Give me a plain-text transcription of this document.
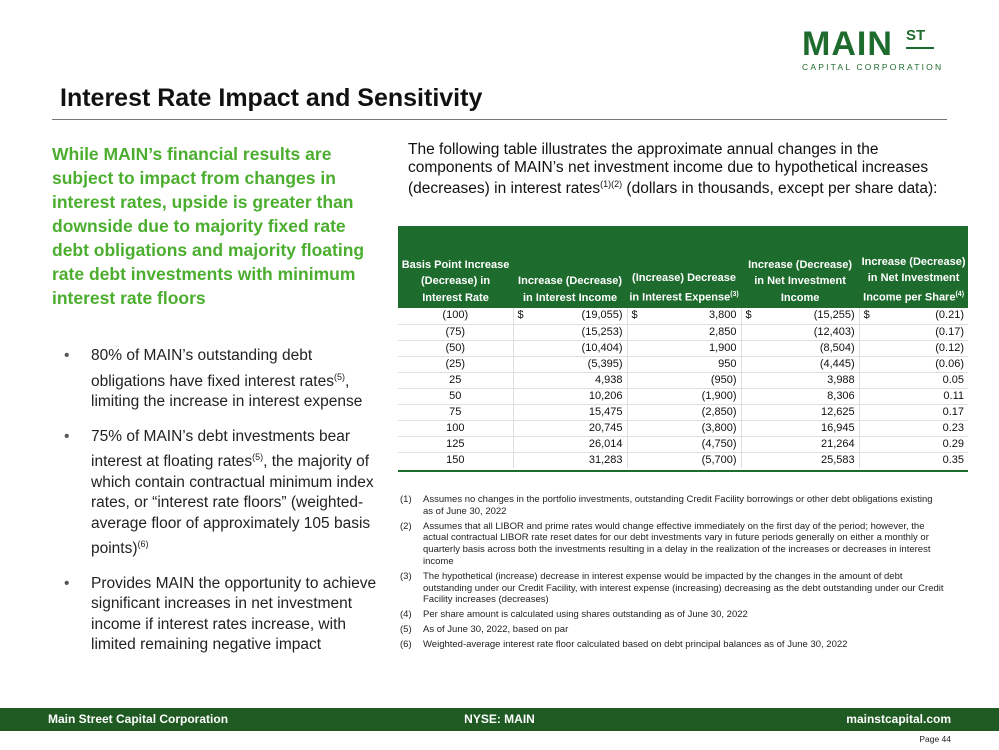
MAIN ST
CAPITAL CORPORATION
Interest Rate Impact and Sensitivity
While MAIN’s financial results are subject to impact from changes in interest rates, upside is greater than downside due to majority fixed rate debt obligations and majority floating rate debt investments with minimum interest rate floors
• 80% of MAIN’s outstanding debt obligations have fixed interest rates$^{(5)}$, limiting the increase in interest expense
• 75% of MAIN’s debt investments bear interest at floating rates$^{(5)}$, the majority of which contain contractual minimum index rates, or “interest rate floors” (weighted-average floor of approximately 105 basis points)$^{(6)}$
• Provides MAIN the opportunity to achieve significant increases in net investment income if interest rates increase, with limited remaining negative impact
The following table illustrates the approximate annual changes in the components of MAIN’s net investment income due to hypothetical increases (decreases) in interest rates$^{(1)(2)}$ (dollars in thousands, except per share data):
Basis Point Increase (Decrease) in Interest Rate	Increase (Decrease) in Interest Income	(Increase) Decrease in Interest Expense$^{(3)}$	Increase (Decrease) in Net Investment Income	Increase (Decrease) in Net Investment Income per Share$^{(4)}$
(100)	$ (19,055)	$ 3,800	$ (15,255)	$ (0.21)
(75)	(15,253)	2,850	(12,403)	(0.17)
(50)	(10,404)	1,900	(8,504)	(0.12)
(25)	(5,395)	950	(4,445)	(0.06)
25	4,938	(950)	3,988	0.05
50	10,206	(1,900)	8,306	0.11
75	15,475	(2,850)	12,625	0.17
100	20,745	(3,800)	16,945	0.23
125	26,014	(4,750)	21,264	0.29
150	31,283	(5,700)	25,583	0.35
(1) Assumes no changes in the portfolio investments, outstanding Credit Facility borrowings or other debt obligations existing as of June 30, 2022
(2) Assumes that all LIBOR and prime rates would change effective immediately on the first day of the period; however, the actual contractual LIBOR rate reset dates for our debt investments vary in future periods generally on either a monthly or quarterly basis across both the investments resulting in a delay in the realization of the increases or decreases in interest income
(3) The hypothetical (increase) decrease in interest expense would be impacted by the changes in the amount of debt outstanding under our Credit Facility, with interest expense (increasing) decreasing as the debt outstanding under our Credit Facility increases (decreases)
(4) Per share amount is calculated using shares outstanding as of June 30, 2022
(5) As of June 30, 2022, based on par
(6) Weighted-average interest rate floor calculated based on debt principal balances as of June 30, 2022
NYSE: MAIN
Main Street Capital Corporation	mainstcapital.com
Page 44
